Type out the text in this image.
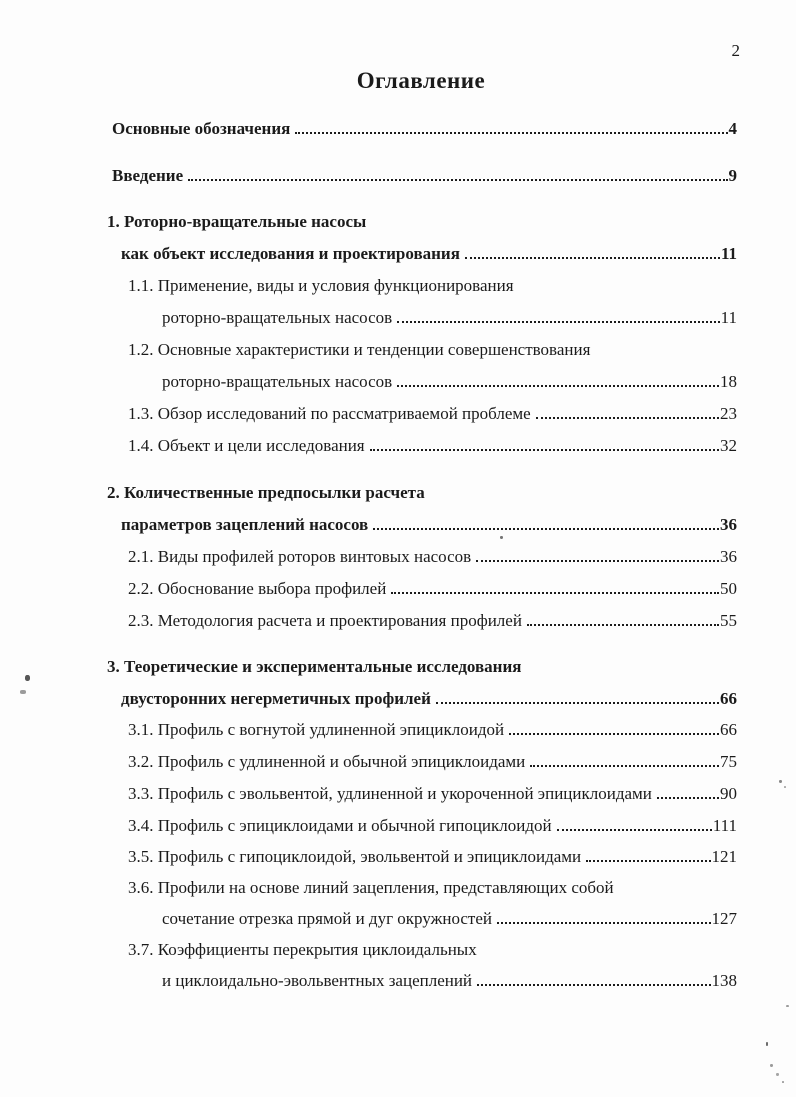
2
Оглавление
Основные обозначения	4
Введение	9
1. Роторно-вращательные насосы
как объект исследования и проектирования	11
1.1. Применение, виды и условия функционирования
роторно-вращательных насосов	11
1.2. Основные характеристики и тенденции совершенствования
роторно-вращательных насосов	18
1.3. Обзор исследований по рассматриваемой проблеме	23
1.4. Объект и цели исследования	32
2. Количественные предпосылки расчета
параметров зацеплений насосов	36
2.1. Виды профилей роторов винтовых насосов	36
2.2. Обоснование выбора профилей	50
2.3. Методология расчета и проектирования профилей	55
3. Теоретические и экспериментальные исследования
двусторонних негерметичных профилей	66
3.1. Профиль с вогнутой удлиненной эпициклоидой	66
3.2. Профиль с удлиненной и обычной эпициклоидами	75
3.3. Профиль с эвольвентой, удлиненной и укороченной эпициклоидами	90
3.4. Профиль с эпициклоидами и обычной гипоциклоидой	111
3.5. Профиль с гипоциклоидой, эвольвентой и эпициклоидами	121
3.6. Профили на основе линий зацепления, представляющих собой
сочетание отрезка прямой и дуг окружностей	127
3.7. Коэффициенты перекрытия циклоидальных
и циклоидально-эвольвентных зацеплений	138
